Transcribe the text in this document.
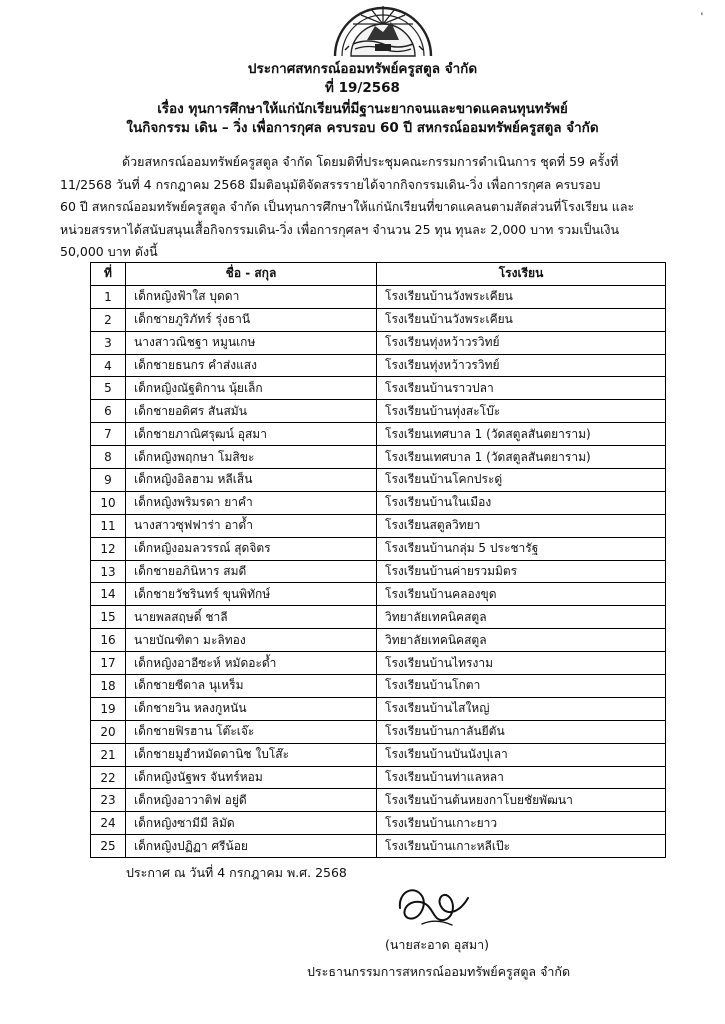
'
ประกาศสหกรณ์ออมทรัพย์ครูสตูล จำกัด
ที่ 19/2568
เรื่อง ทุนการศึกษาให้แก่นักเรียนที่มีฐานะยากจนและขาดแคลนทุนทรัพย์
ในกิจกรรม เดิน – วิ่ง เพื่อการกุศล ครบรอบ 60 ปี สหกรณ์ออมทรัพย์ครูสตูล จำกัด
ด้วยสหกรณ์ออมทรัพย์ครูสตูล จำกัด โดยมติที่ประชุมคณะกรรมการดำเนินการ ชุดที่ 59 ครั้งที่
11/2568 วันที่ 4 กรกฎาคม 2568 มีมติอนุมัติจัดสรรรายได้จากกิจกรรมเดิน-วิ่ง เพื่อการกุศล ครบรอบ
60 ปี สหกรณ์ออมทรัพย์ครูสตูล จำกัด เป็นทุนการศึกษาให้แก่นักเรียนที่ขาดแคลนตามสัดส่วนที่โรงเรียน และ
หน่วยสรรหาได้สนับสนุนเสื้อกิจกรรมเดิน-วิ่ง เพื่อการกุศลฯ จำนวน 25 ทุน ทุนละ 2,000 บาท รวมเป็นเงิน
50,000 บาท ดังนี้
ที่	ชื่อ - สกุล	โรงเรียน
1	เด็กหญิงฟ้าใส บุดดา	โรงเรียนบ้านวังพระเคียน
2	เด็กชายภูริภัทร์ รุ่งธานี	โรงเรียนบ้านวังพระเคียน
3	นางสาวณิชฐา หมูนเกษ	โรงเรียนทุ่งหว้าวรวิทย์
4	เด็กชายธนกร คำส่งแสง	โรงเรียนทุ่งหว้าวรวิทย์
5	เด็กหญิงณัฐติกาน นุ้ยเล็ก	โรงเรียนบ้านราวปลา
6	เด็กชายอดิศร สันสมัน	โรงเรียนบ้านทุ่งสะโบ๊ะ
7	เด็กชายภาณิศรุฒน์ อุสมา	โรงเรียนเทศบาล 1 (วัดสตูลสันตยาราม)
8	เด็กหญิงพฤกษา โมสิขะ	โรงเรียนเทศบาล 1 (วัดสตูลสันตยาราม)
9	เด็กหญิงอิลฮาม หลีเส็น	โรงเรียนบ้านโคกประดู่
10	เด็กหญิงพริมรดา ยาคำ	โรงเรียนบ้านในเมือง
11	นางสาวซุฟฟาร่า อาด้ำ	โรงเรียนสตูลวิทยา
12	เด็กหญิงอมลวรรณ์ สุดจิตร	โรงเรียนบ้านกลุ่ม 5 ประชารัฐ
13	เด็กชายอภินิหาร สมดี	โรงเรียนบ้านค่ายรวมมิตร
14	เด็กชายวัชรินทร์ ขุนพิทักษ์	โรงเรียนบ้านคลองขุด
15	นายพลสฤษดิ์ ชาลี	วิทยาลัยเทคนิคสตูล
16	นายบัณฑิตา มะลิทอง	วิทยาลัยเทคนิคสตูล
17	เด็กหญิงอาอีซะห์ หมัดอะด้ำ	โรงเรียนบ้านไทรงาม
18	เด็กชายซีดาล นุเหร็ม	โรงเรียนบ้านโกตา
19	เด็กชายวิน หลงกูหนัน	โรงเรียนบ้านไสใหญ่
20	เด็กชายฟิรฮาน โต๊ะเจ๊ะ	โรงเรียนบ้านกาลันยีตัน
21	เด็กชายมูฮำหมัดดานิช ใบโส๊ะ	โรงเรียนบ้านบันนังปุเลา
22	เด็กหญิงนัฐพร จันทร์หอม	โรงเรียนบ้านท่าแลหลา
23	เด็กหญิงอาวาติฟ อยู่ดี	โรงเรียนบ้านต้นหยงกาโบยชัยพัฒนา
24	เด็กหญิงซามีมี ลิมัด	โรงเรียนบ้านเกาะยาว
25	เด็กหญิงปฏิฏา ศรีน้อย	โรงเรียนบ้านเกาะหลีเป๊ะ
ประกาศ ณ วันที่ 4 กรกฎาคม พ.ศ. 2568
(นายสะอาด อุสมา)
ประธานกรรมการสหกรณ์ออมทรัพย์ครูสตูล จำกัด
